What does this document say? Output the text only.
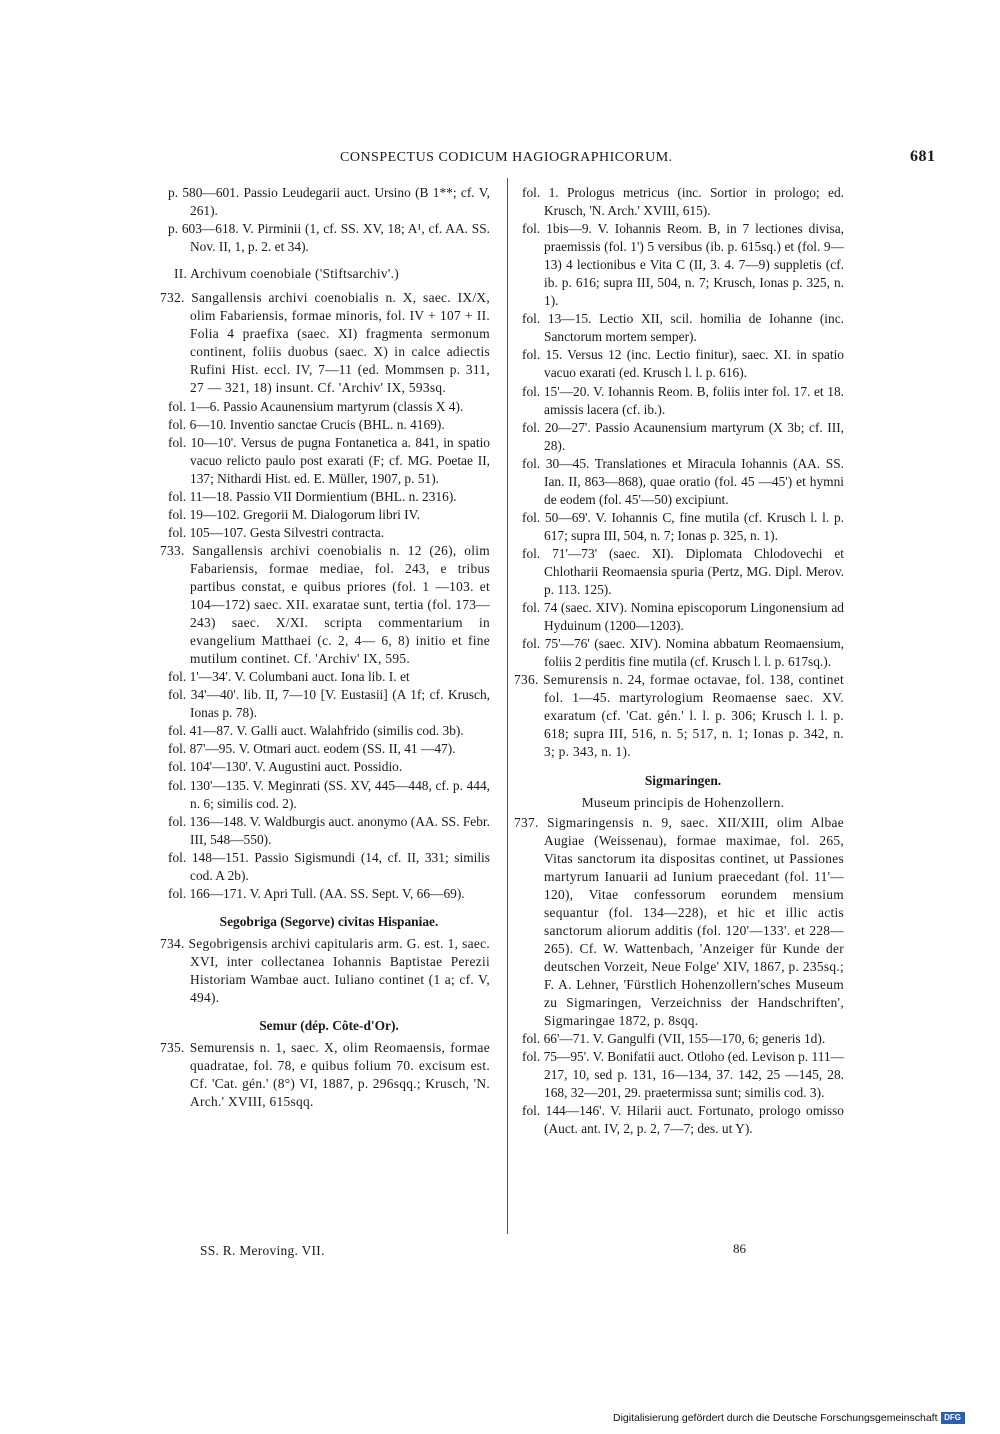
CONSPECTUS CODICUM HAGIOGRAPHICORUM.	681

p. 580—601. Passio Leudegarii auct. Ursino (B 1**; cf. V, 261).

p. 603—618. V. Pirminii (1, cf. SS. XV, 18; A¹, cf. AA. SS. Nov. II, 1, p. 2. et 34).

II. Archivum coenobiale ('Stiftsarchiv'.)

732. Sangallensis archivi coenobialis n. X, saec. IX/X, olim Fabariensis, formae minoris, fol. IV + 107 + II. Folia 4 praefixa (saec. XI) fragmenta sermonum continent, foliis duobus (saec. X) in calce adiectis Rufini Hist. eccl. IV, 7—11 (ed. Mommsen p. 311, 27 — 321, 18) insunt. Cf. 'Archiv' IX, 593sq.

fol. 1—6. Passio Acaunensium martyrum (classis X 4).

fol. 6—10. Inventio sanctae Crucis (BHL. n. 4169).

fol. 10—10'. Versus de pugna Fontanetica a. 841, in spatio vacuo relicto paulo post exarati (F; cf. MG. Poetae II, 137; Nithardi Hist. ed. E. Müller, 1907, p. 51).

fol. 11—18. Passio VII Dormientium (BHL. n. 2316).

fol. 19—102. Gregorii M. Dialogorum libri IV.

fol. 105—107. Gesta Silvestri contracta.

733. Sangallensis archivi coenobialis n. 12 (26), olim Fabariensis, formae mediae, fol. 243, e tribus partibus constat, e quibus priores (fol. 1 —103. et 104—172) saec. XII. exaratae sunt, tertia (fol. 173—243) saec. X/XI. scripta commentarium in evangelium Matthaei (c. 2, 4— 6, 8) initio et fine mutilum continet. Cf. 'Archiv' IX, 595.

fol. 1'—34'. V. Columbani auct. Iona lib. I. et

fol. 34'—40'. lib. II, 7—10 [V. Eustasii] (A 1f; cf. Krusch, Ionas p. 78).

fol. 41—87. V. Galli auct. Walahfrido (similis cod. 3b).

fol. 87'—95. V. Otmari auct. eodem (SS. II, 41 —47).

fol. 104'—130'. V. Augustini auct. Possidio.

fol. 130'—135. V. Meginrati (SS. XV, 445—448, cf. p. 444, n. 6; similis cod. 2).

fol. 136—148. V. Waldburgis auct. anonymo (AA. SS. Febr. III, 548—550).

fol. 148—151. Passio Sigismundi (14, cf. II, 331; similis cod. A 2b).

fol. 166—171. V. Apri Tull. (AA. SS. Sept. V, 66—69).

Segobriga (Segorve) civitas Hispaniae.

734. Segobrigensis archivi capitularis arm. G. est. 1, saec. XVI, inter collectanea Iohannis Baptistae Perezii Historiam Wambae auct. Iuliano continet (1 a; cf. V, 494).

Semur (dép. Côte-d'Or).

735. Semurensis n. 1, saec. X, olim Reomaensis, formae quadratae, fol. 78, e quibus folium 70. excisum est. Cf. 'Cat. gén.' (8°) VI, 1887, p. 296sqq.; Krusch, 'N. Arch.' XVIII, 615sqq.

fol. 1. Prologus metricus (inc. Sortior in prologo; ed. Krusch, 'N. Arch.' XVIII, 615).

fol. 1bis—9. V. Iohannis Reom. B, in 7 lectiones divisa, praemissis (fol. 1') 5 versibus (ib. p. 615sq.) et (fol. 9—13) 4 lectionibus e Vita C (II, 3. 4. 7—9) suppletis (cf. ib. p. 616; supra III, 504, n. 7; Krusch, Ionas p. 325, n. 1).

fol. 13—15. Lectio XII, scil. homilia de Iohanne (inc. Sanctorum mortem semper).

fol. 15. Versus 12 (inc. Lectio finitur), saec. XI. in spatio vacuo exarati (ed. Krusch l. l. p. 616).

fol. 15'—20. V. Iohannis Reom. B, foliis inter fol. 17. et 18. amissis lacera (cf. ib.).

fol. 20—27'. Passio Acaunensium martyrum (X 3b; cf. III, 28).

fol. 30—45. Translationes et Miracula Iohannis (AA. SS. Ian. II, 863—868), quae oratio (fol. 45 —45') et hymni de eodem (fol. 45'—50) excipiunt.

fol. 50—69'. V. Iohannis C, fine mutila (cf. Krusch l. l. p. 617; supra III, 504, n. 7; Ionas p. 325, n. 1).

fol. 71'—73' (saec. XI). Diplomata Chlodovechi et Chlotharii Reomaensia spuria (Pertz, MG. Dipl. Merov. p. 113. 125).

fol. 74 (saec. XIV). Nomina episcoporum Lingonensium ad Hyduinum (1200—1203).

fol. 75'—76' (saec. XIV). Nomina abbatum Reomaensium, foliis 2 perditis fine mutila (cf. Krusch l. l. p. 617sq.).

736. Semurensis n. 24, formae octavae, fol. 138, continet fol. 1—45. martyrologium Reomaense saec. XV. exaratum (cf. 'Cat. gén.' l. l. p. 306; Krusch l. l. p. 618; supra III, 516, n. 5; 517, n. 1; Ionas p. 342, n. 3; p. 343, n. 1).

Sigmaringen.

Museum principis de Hohenzollern.

737. Sigmaringensis n. 9, saec. XII/XIII, olim Albae Augiae (Weissenau), formae maximae, fol. 265, Vitas sanctorum ita dispositas continet, ut Passiones martyrum Ianuarii ad Iunium praecedant (fol. 11'—120), Vitae confessorum eorundem mensium sequantur (fol. 134—228), et hic et illic actis sanctorum aliorum additis (fol. 120'—133'. et 228—265). Cf. W. Wattenbach, 'Anzeiger für Kunde der deutschen Vorzeit, Neue Folge' XIV, 1867, p. 235sq.; F. A. Lehner, 'Fürstlich Hohenzollern'sches Museum zu Sigmaringen, Verzeichniss der Handschriften', Sigmaringae 1872, p. 8sqq.

fol. 66'—71. V. Gangulfi (VII, 155—170, 6; generis 1d).

fol. 75—95'. V. Bonifatii auct. Otloho (ed. Levison p. 111—217, 10, sed p. 131, 16—134, 37. 142, 25 —145, 28. 168, 32—201, 29. praetermissa sunt; similis cod. 3).

fol. 144—146'. V. Hilarii auct. Fortunato, prologo omisso (Auct. ant. IV, 2, p. 2, 7—7; des. ut Y).

SS. R. Meroving. VII.	86
Digitalisierung gefördert durch die Deutsche Forschungsgemeinschaft DFG
